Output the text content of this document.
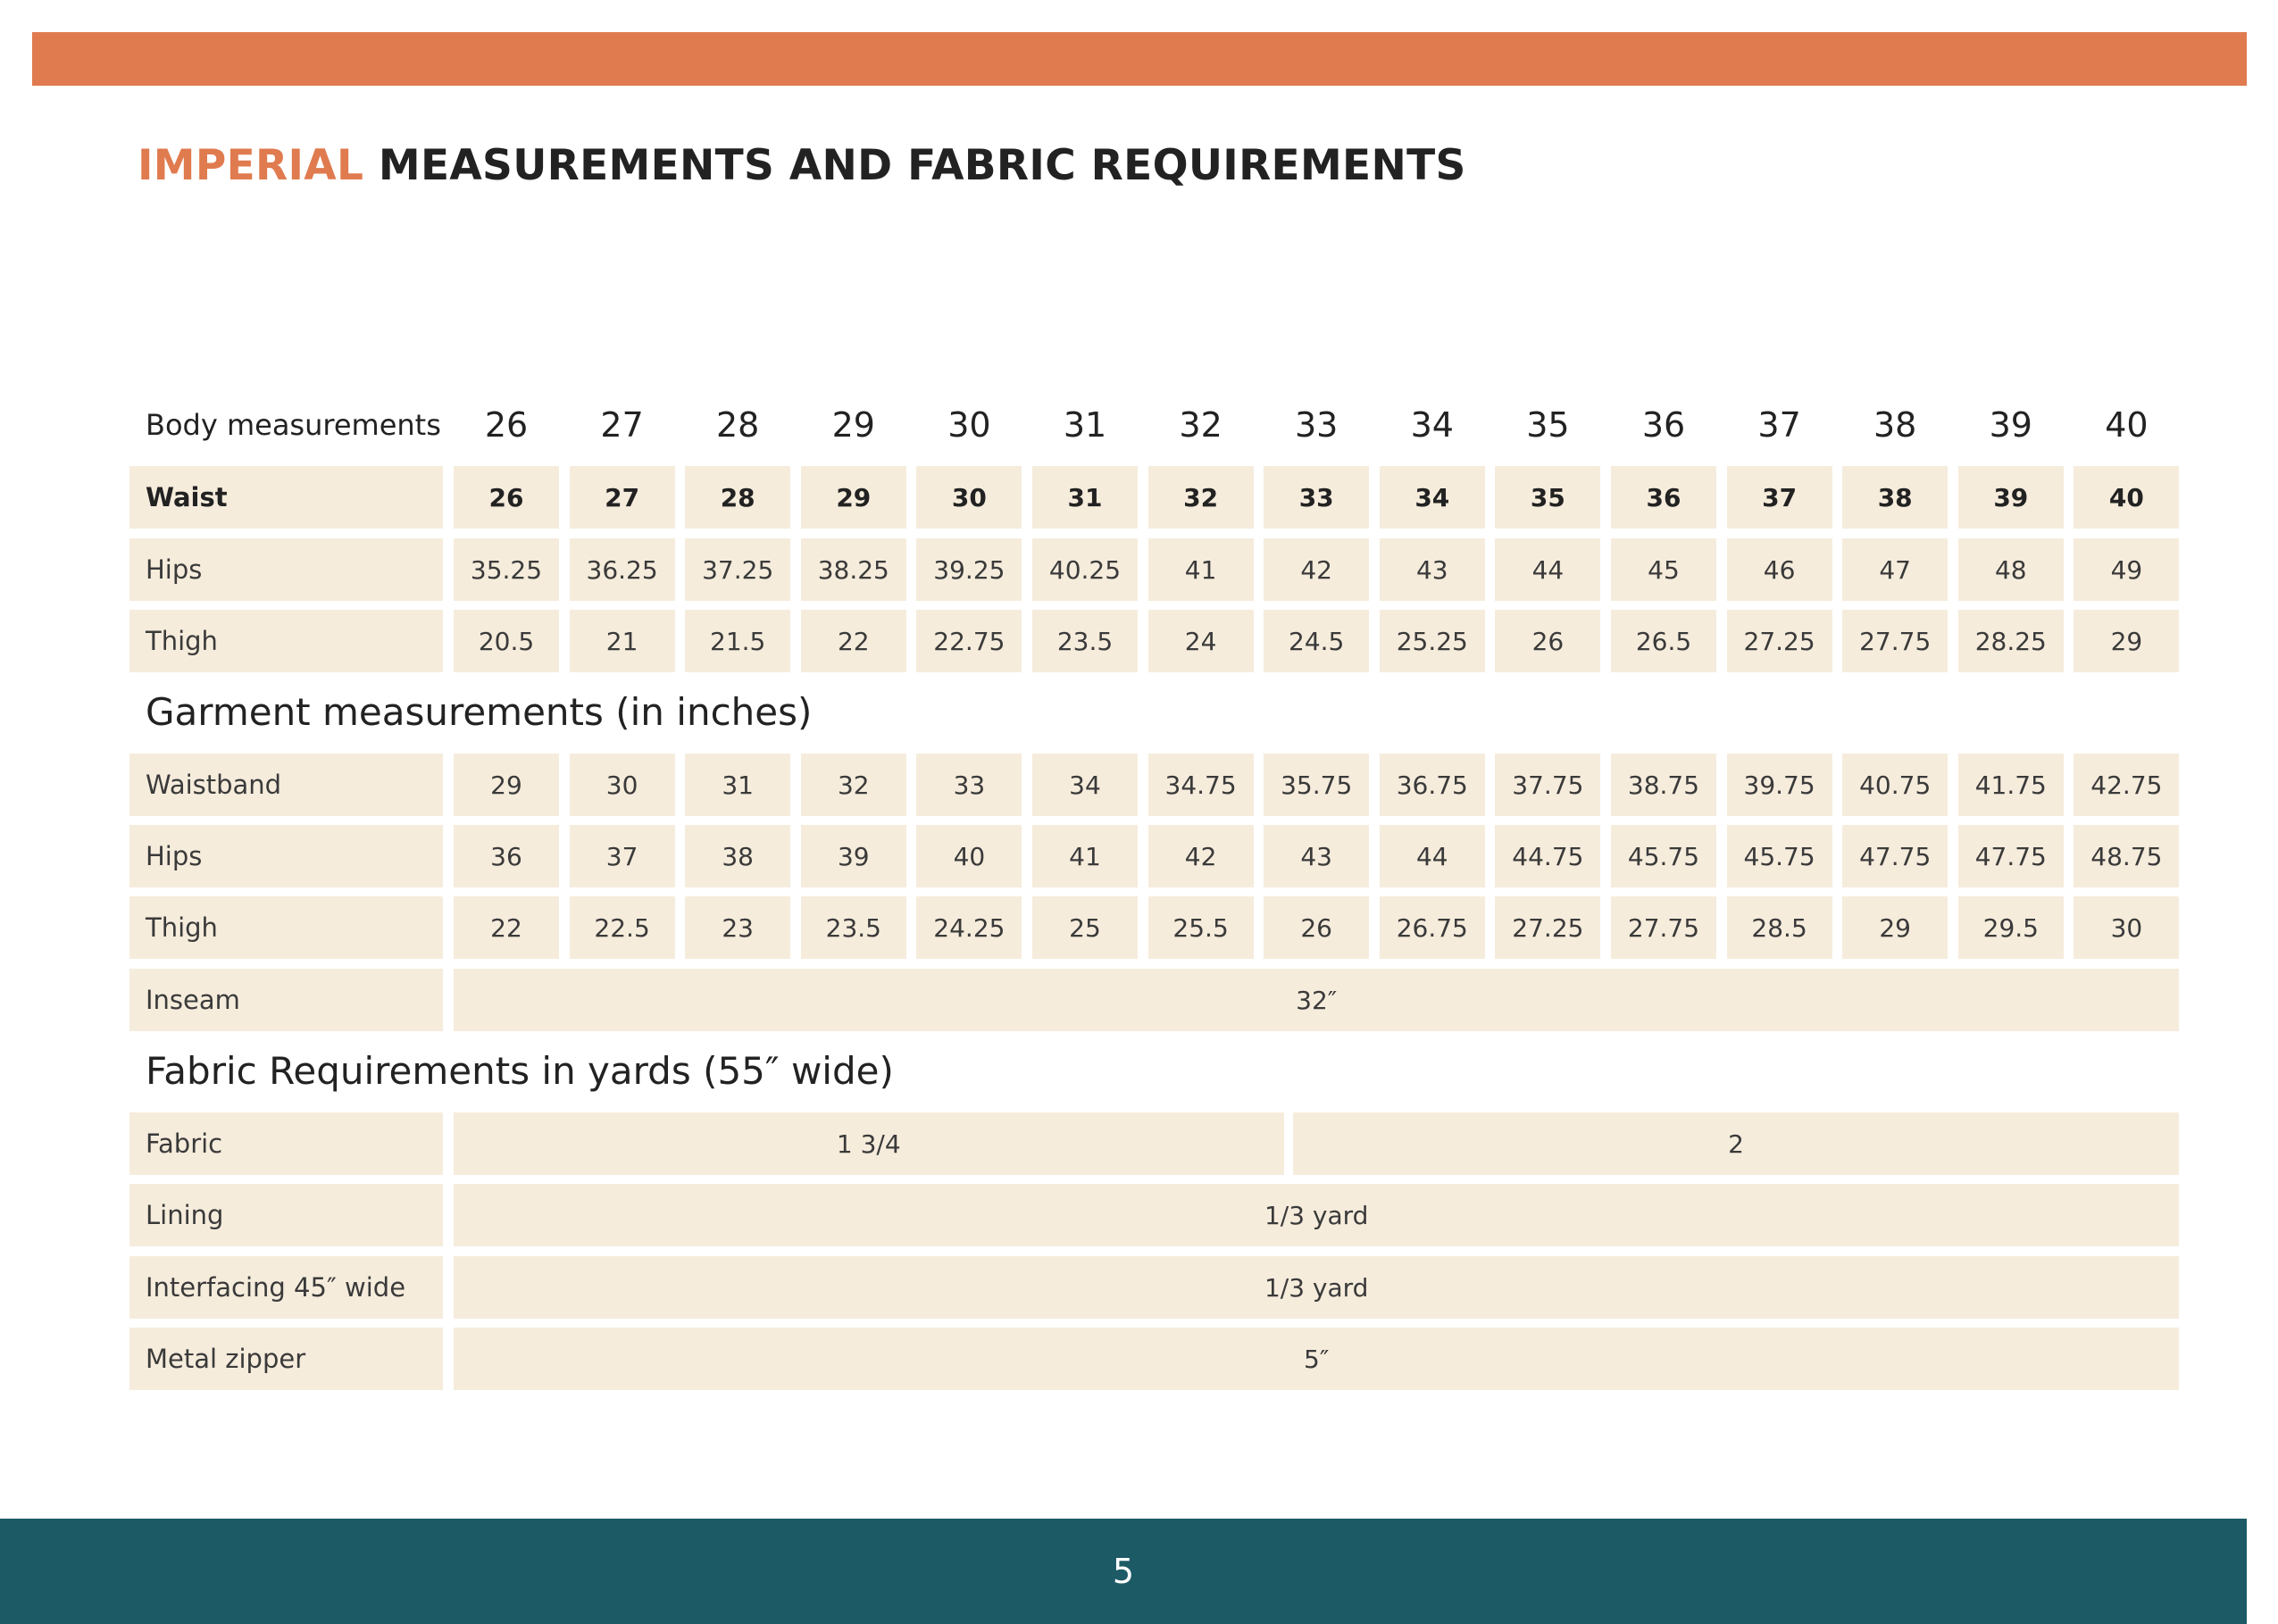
IMPERIAL MEASUREMENTS AND FABRIC REQUIREMENTS
Body measurements	26	27	28	29	30	31	32	33	34	35	36	37	38	39	40
Waist	26	27	28	29	30	31	32	33	34	35	36	37	38	39	40
Hips	35.25	36.25	37.25	38.25	39.25	40.25	41	42	43	44	45	46	47	48	49
Thigh	20.5	21	21.5	22	22.75	23.5	24	24.5	25.25	26	26.5	27.25	27.75	28.25	29
Garment measurements (in inches)
Waistband	29	30	31	32	33	34	34.75	35.75	36.75	37.75	38.75	39.75	40.75	41.75	42.75
Hips	36	37	38	39	40	41	42	43	44	44.75	45.75	45.75	47.75	47.75	48.75
Thigh	22	22.5	23	23.5	24.25	25	25.5	26	26.75	27.25	27.75	28.5	29	29.5	30
Inseam	32″
Fabric Requirements in yards (55″ wide)
Fabric	1 3/4	2
Lining	1/3 yard
Interfacing 45″ wide	1/3 yard
Metal zipper	5″
5
